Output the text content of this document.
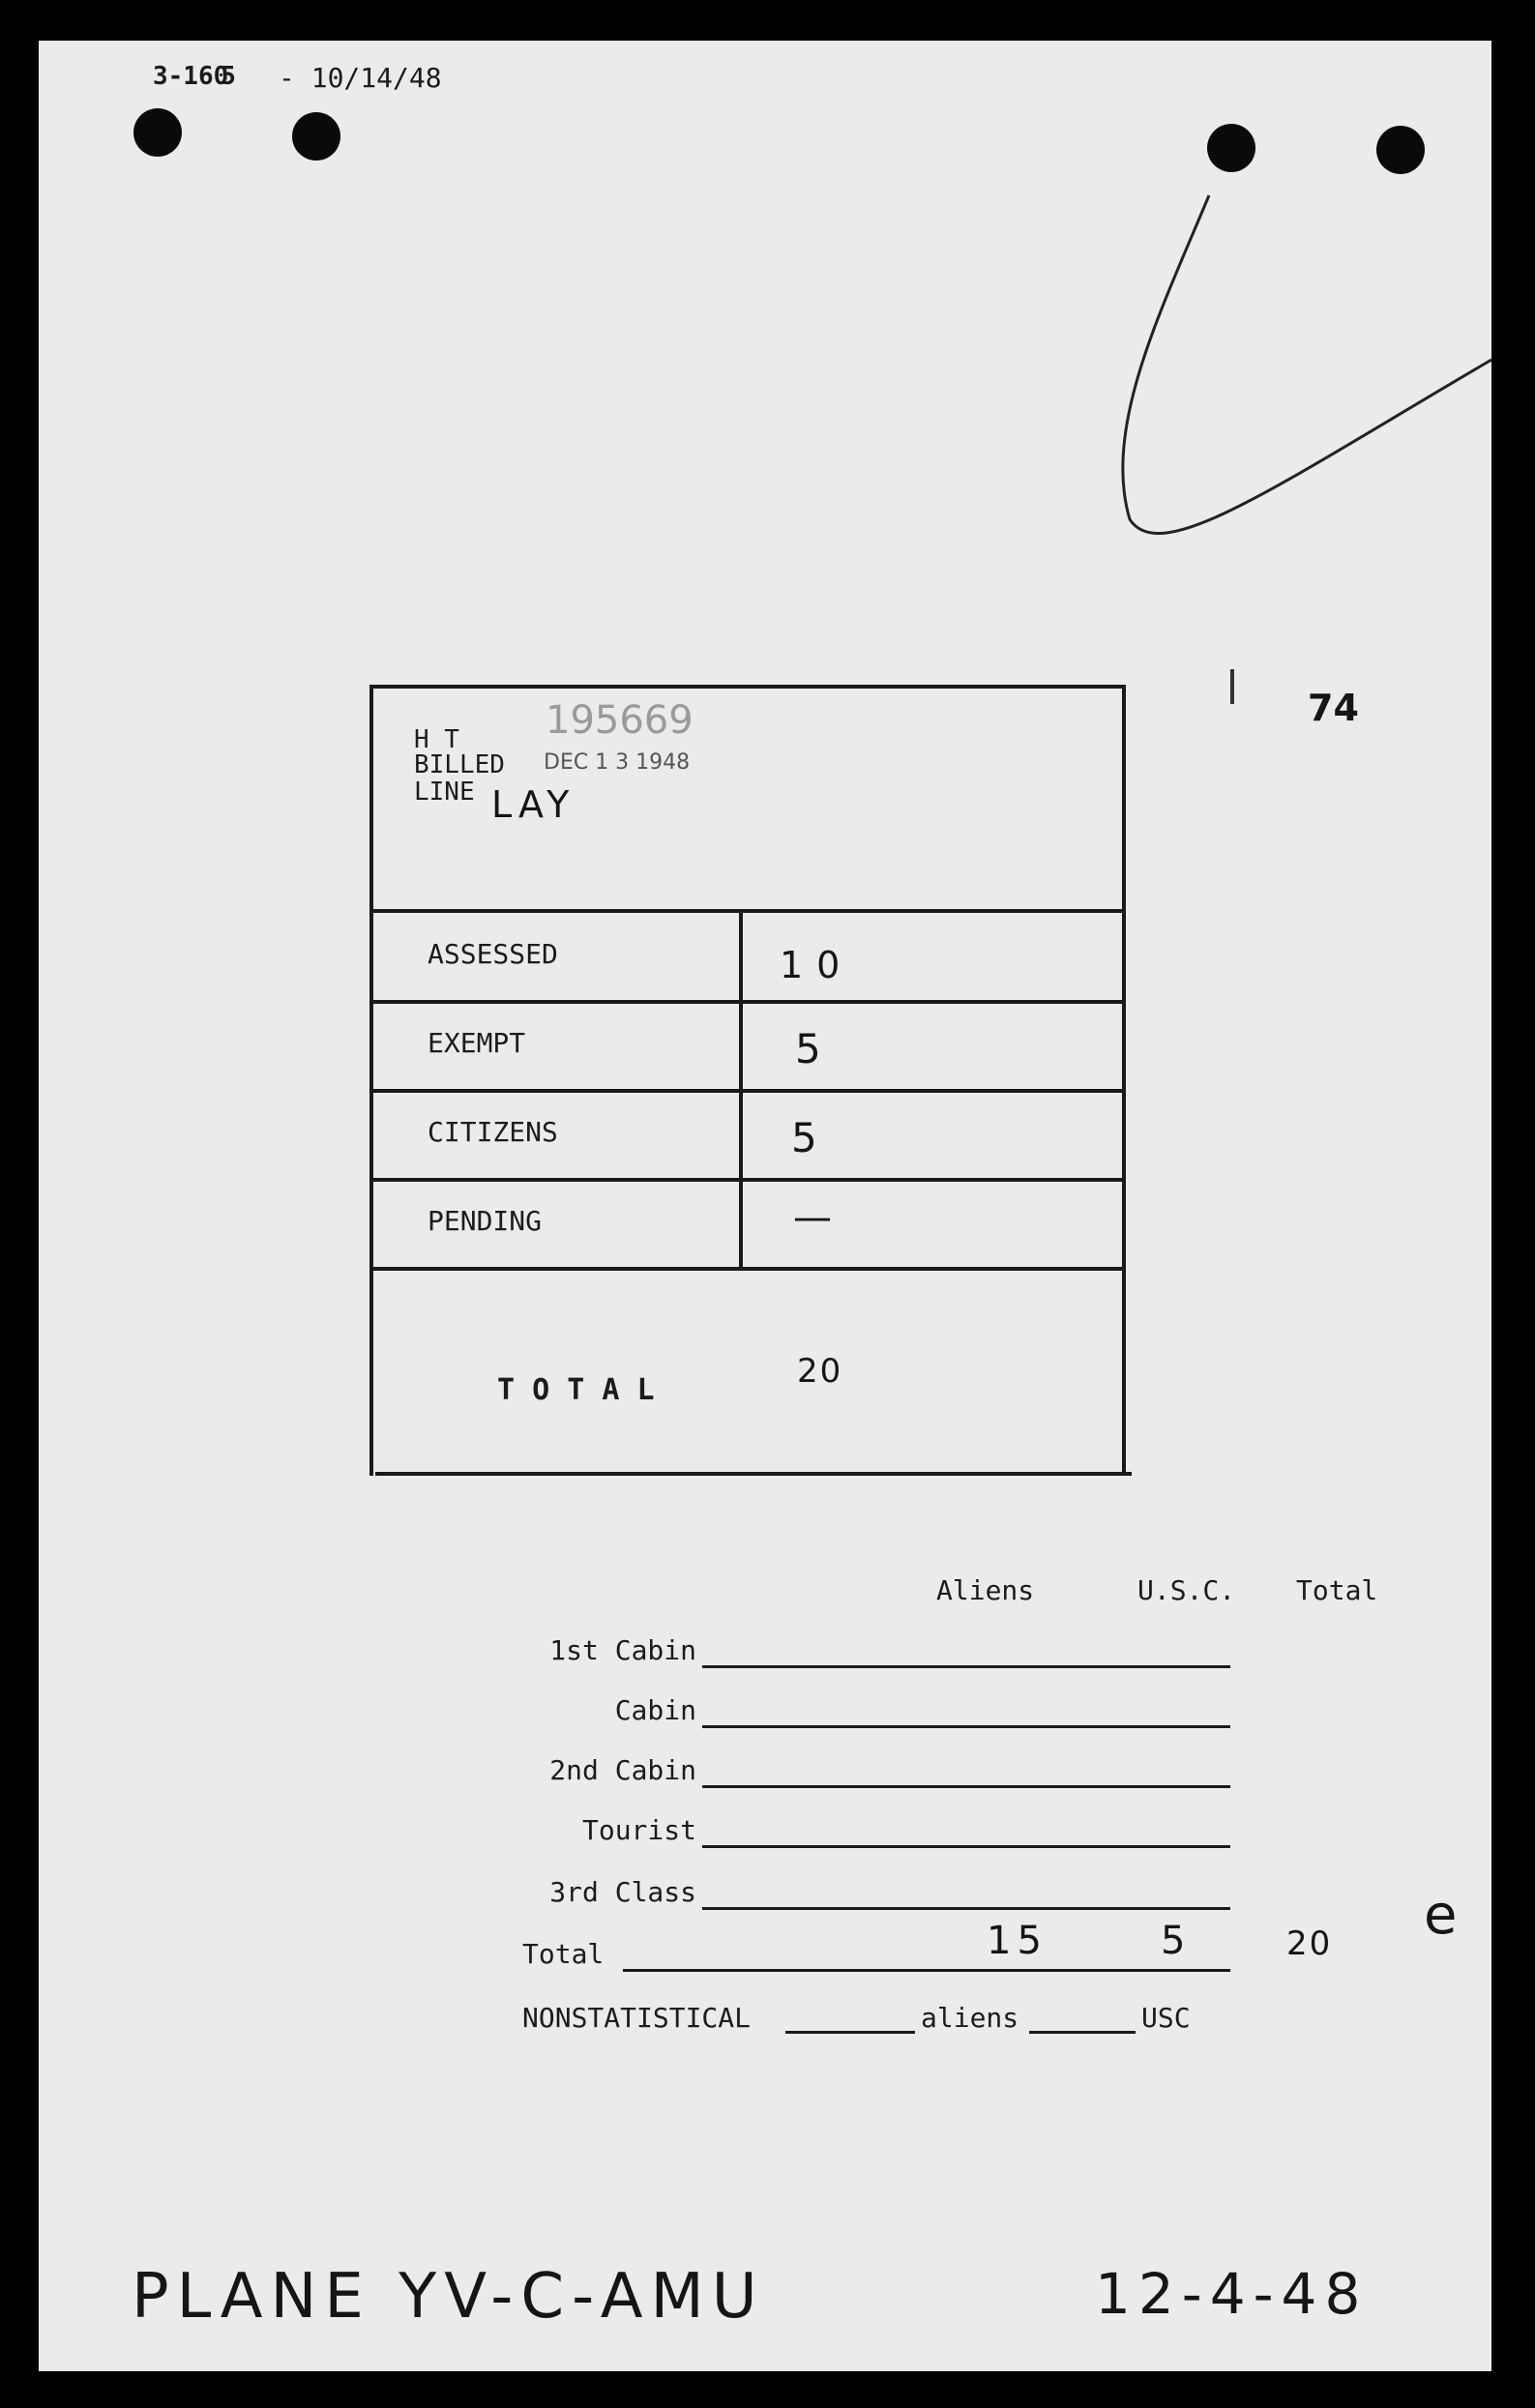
3-1605 - 10/14/48
74
H T
BILLED
LINE
195669
DEC 1 3 1948
LAY
ASSESSED	10
EXEMPT	5
CITIZENS	5
PENDING	—
T O T A L	20
Aliens	U.S.C. Total
1st Cabin
Cabin
2nd Cabin
Tourist
3rd Class
Total	15	5	20
NONSTATISTICAL	aliens	USC
e
PLANE YV-C-AMU	12-4-48
